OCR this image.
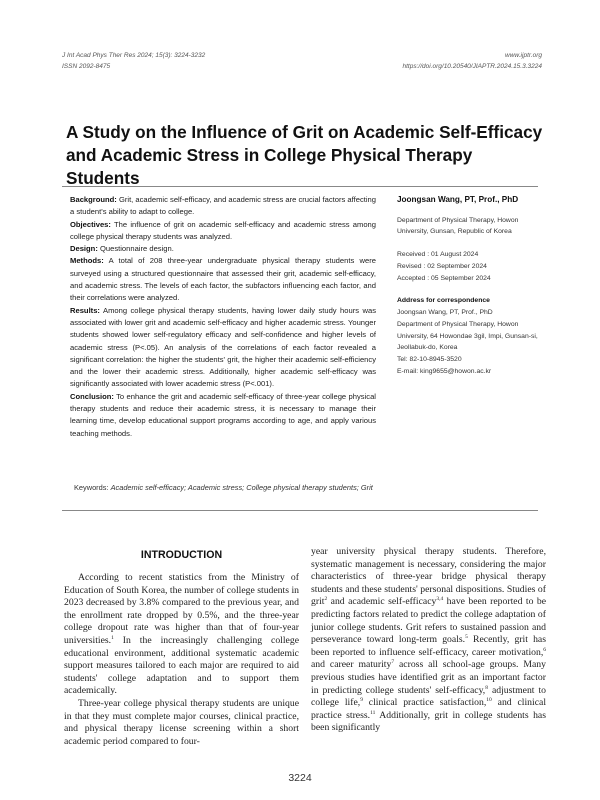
J Int Acad Phys Ther Res 2024; 15(3): 3224-3232
ISSN 2092-8475
www.ijptr.org
https://doi.org/10.20540/JIAPTR.2024.15.3.3224
A Study on the Influence of Grit on Academic Self-Efficacy
and Academic Stress in College Physical Therapy Students

Background: Grit, academic self-efficacy, and academic stress are crucial factors affecting a student's ability to adapt to college.

Objectives: The influence of grit on academic self-efficacy and academic stress among college physical therapy students was analyzed.

Design: Questionnaire design.

Methods: A total of 208 three-year undergraduate physical therapy students were surveyed using a structured questionnaire that assessed their grit, academic self-efficacy, and academic stress. The levels of each factor, the subfactors influencing each factor, and their correlations were analyzed.

Results: Among college physical therapy students, having lower daily study hours was associated with lower grit and academic self-efficacy and higher academic stress. Younger students showed lower self-regulatory efficacy and self-confidence and higher levels of academic stress (P<.05). An analysis of the correlations of each factor revealed a significant correlation: the higher the students' grit, the higher their academic self-efficiency and the lower their academic stress. Additionally, higher academic self-efficacy was significantly associated with lower academic stress (P<.001).

Conclusion: To enhance the grit and academic self-efficacy of three-year college physical therapy students and reduce their academic stress, it is necessary to manage their learning time, develop educational support programs according to age, and apply various teaching methods.

Keywords: Academic self-efficacy; Academic stress; College physical therapy students; Grit
Joongsan Wang, PT, Prof., PhD
Department of Physical Therapy, Howon University, Gunsan, Republic of Korea

Received : 01 August 2024

Revised : 02 September 2024

Accepted : 05 September 2024

Address for correspondence

Joongsan Wang, PT, Prof., PhD

Department of Physical Therapy, Howon University, 64 Howondae 3gil, Impi, Gunsan-si, Jeollabuk-do, Korea

Tel: 82-10-8945-3520

E-mail: king9655@howon.ac.kr

INTRODUCTION

According to recent statistics from the Ministry of Education of South Korea, the number of college students in 2023 decreased by 3.8% compared to the previous year, and the enrollment rate dropped by 0.5%, and the three-year college dropout rate was higher than that of four-year universities.$^1$ In the increasingly challenging college educational environment, additional systematic academic support measures tailored to each major are required to aid students' college adaptation and to support them academically.

Three-year college physical therapy students are unique in that they must complete major courses, clinical practice, and physical therapy license screening within a short academic period compared to four-

year university physical therapy students. Therefore, systematic management is necessary, considering the major characteristics of three-year bridge physical therapy students and these students' personal dispositions. Studies of grit$^2$ and academic self-efficacy$^{3,4}$ have been reported to be predicting factors related to predict the college adaptation of junior college students. Grit refers to sustained passion and perseverance toward long-term goals.$^5$ Recently, grit has been reported to influence self-efficacy, career motivation,$^6$ and career maturity$^7$ across all school-age groups. Many previous studies have identified grit as an important factor in predicting college students' self-efficacy,$^8$ adjustment to college life,$^9$ clinical practice satisfaction,$^{10}$ and clinical practice stress.$^{11}$ Additionally, grit in college students has been significantly

3224
